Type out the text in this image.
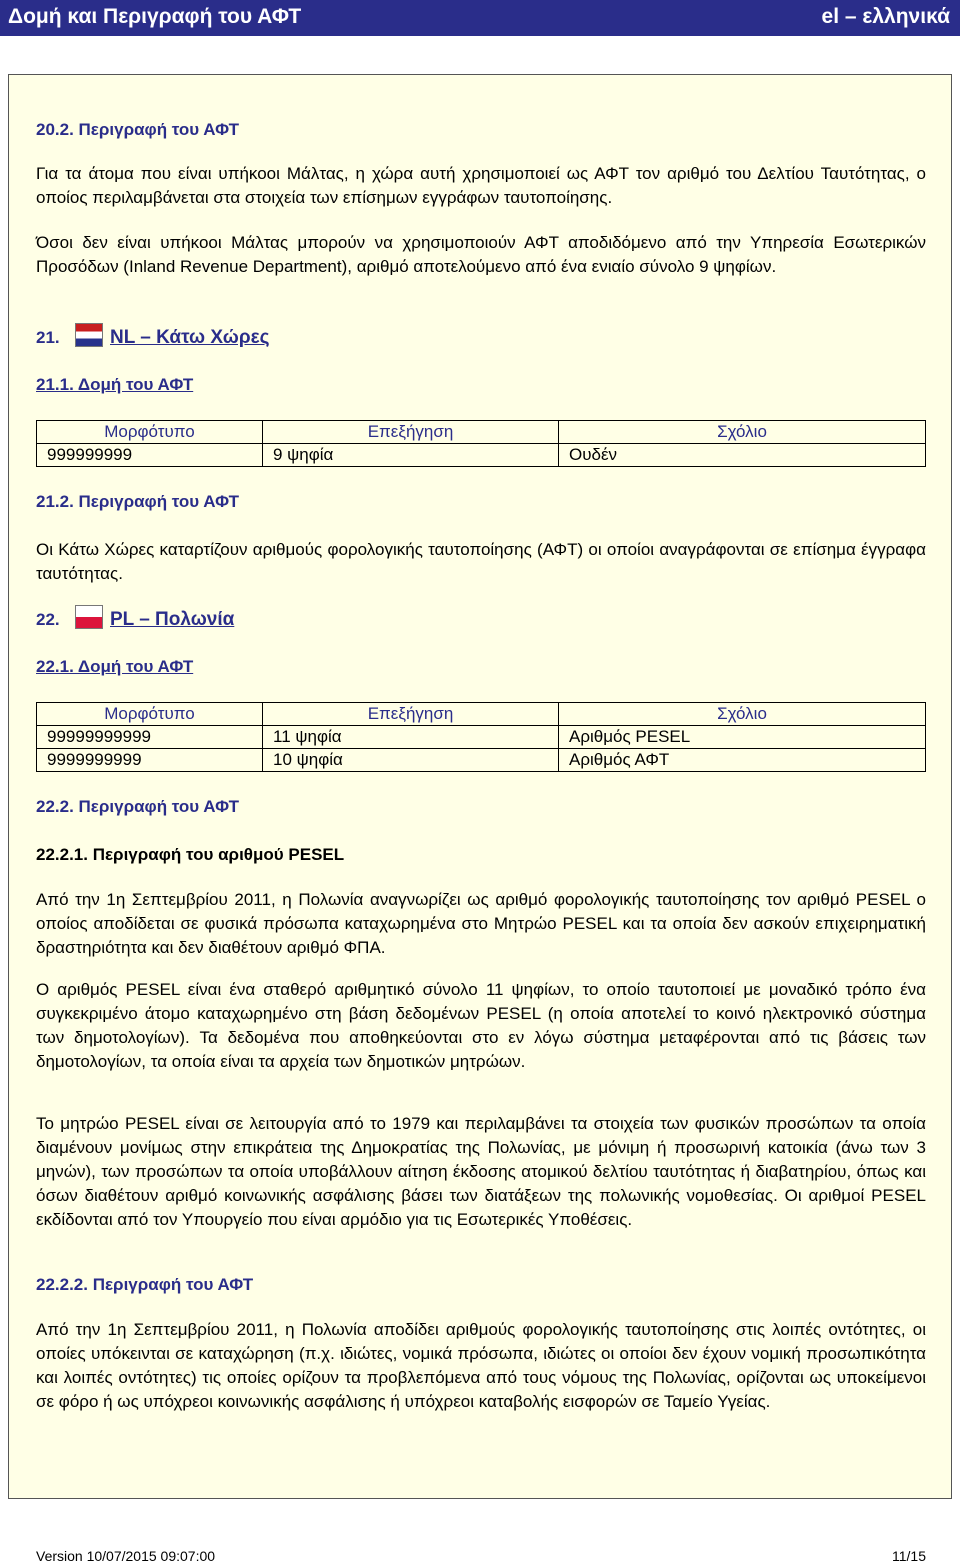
Δομή και Περιγραφή του ΑΦΤ	el – ελληνικά
20.2. Περιγραφή του ΑΦΤ
Για τα άτομα που είναι υπήκοοι Μάλτας, η χώρα αυτή χρησιμοποιεί ως ΑΦΤ τον αριθμό του Δελτίου Ταυτότητας, ο οποίος περιλαμβάνεται στα στοιχεία των επίσημων εγγράφων ταυτοποίησης.
Όσοι δεν είναι υπήκοοι Μάλτας μπορούν να χρησιμοποιούν ΑΦΤ αποδιδόμενο από την Υπηρεσία Εσωτερικών Προσόδων (Inland Revenue Department), αριθμό αποτελούμενο από ένα ενιαίο σύνολο 9 ψηφίων.
21.	NL – Κάτω Χώρες
21.1. Δομή του ΑΦΤ
Μορφότυπο	Επεξήγηση	Σχόλιο
999999999	9 ψηφία	Ουδέν
21.2. Περιγραφή του ΑΦΤ
Οι Κάτω Χώρες καταρτίζουν αριθμούς φορολογικής ταυτοποίησης (ΑΦΤ) οι οποίοι αναγράφονται σε επίσημα έγγραφα ταυτότητας.
22.	PL – Πολωνία
22.1. Δομή του ΑΦΤ
Μορφότυπο	Επεξήγηση	Σχόλιο
99999999999	11 ψηφία	Αριθμός PESEL
9999999999	10 ψηφία	Αριθμός ΑΦΤ
22.2. Περιγραφή του ΑΦΤ
22.2.1. Περιγραφή του αριθμού PESEL
Από την 1η Σεπτεμβρίου 2011, η Πολωνία αναγνωρίζει ως αριθμό φορολογικής ταυτοποίησης τον αριθμό PESEL ο οποίος αποδίδεται σε φυσικά πρόσωπα καταχωρημένα στο Μητρώο PESEL και τα οποία δεν ασκούν επιχειρηματική δραστηριότητα και δεν διαθέτουν αριθμό ΦΠΑ.
Ο αριθμός PESEL είναι ένα σταθερό αριθμητικό σύνολο 11 ψηφίων, το οποίο ταυτοποιεί με μοναδικό τρόπο ένα συγκεκριμένο άτομο καταχωρημένο στη βάση δεδομένων PESEL (η οποία αποτελεί το κοινό ηλεκτρονικό σύστημα των δημοτολογίων). Τα δεδομένα που αποθηκεύονται στο εν λόγω σύστημα μεταφέρονται από τις βάσεις των δημοτολογίων, τα οποία είναι τα αρχεία των δημοτικών μητρώων.
Το μητρώο PESEL είναι σε λειτουργία από το 1979 και περιλαμβάνει τα στοιχεία των φυσικών προσώπων τα οποία διαμένουν μονίμως στην επικράτεια της Δημοκρατίας της Πολωνίας, με μόνιμη ή προσωρινή κατοικία (άνω των 3 μηνών), των προσώπων τα οποία υποβάλλουν αίτηση έκδοσης ατομικού δελτίου ταυτότητας ή διαβατηρίου, όπως και όσων διαθέτουν αριθμό κοινωνικής ασφάλισης βάσει των διατάξεων της πολωνικής νομοθεσίας. Οι αριθμοί PESEL εκδίδονται από τον Υπουργείο που είναι αρμόδιο για τις Εσωτερικές Υποθέσεις.
22.2.2. Περιγραφή του ΑΦΤ
Από την 1η Σεπτεμβρίου 2011, η Πολωνία αποδίδει αριθμούς φορολογικής ταυτοποίησης στις λοιπές οντότητες, οι οποίες υπόκεινται σε καταχώρηση (π.χ. ιδιώτες, νομικά πρόσωπα, ιδιώτες οι οποίοι δεν έχουν νομική προσωπικότητα και λοιπές οντότητες) τις οποίες ορίζουν τα προβλεπόμενα από τους νόμους της Πολωνίας, ορίζονται ως υποκείμενοι σε φόρο ή ως υπόχρεοι κοινωνικής ασφάλισης ή υπόχρεοι καταβολής εισφορών σε Ταμείο Υγείας.
Version 10/07/2015 09:07:00	11/15
